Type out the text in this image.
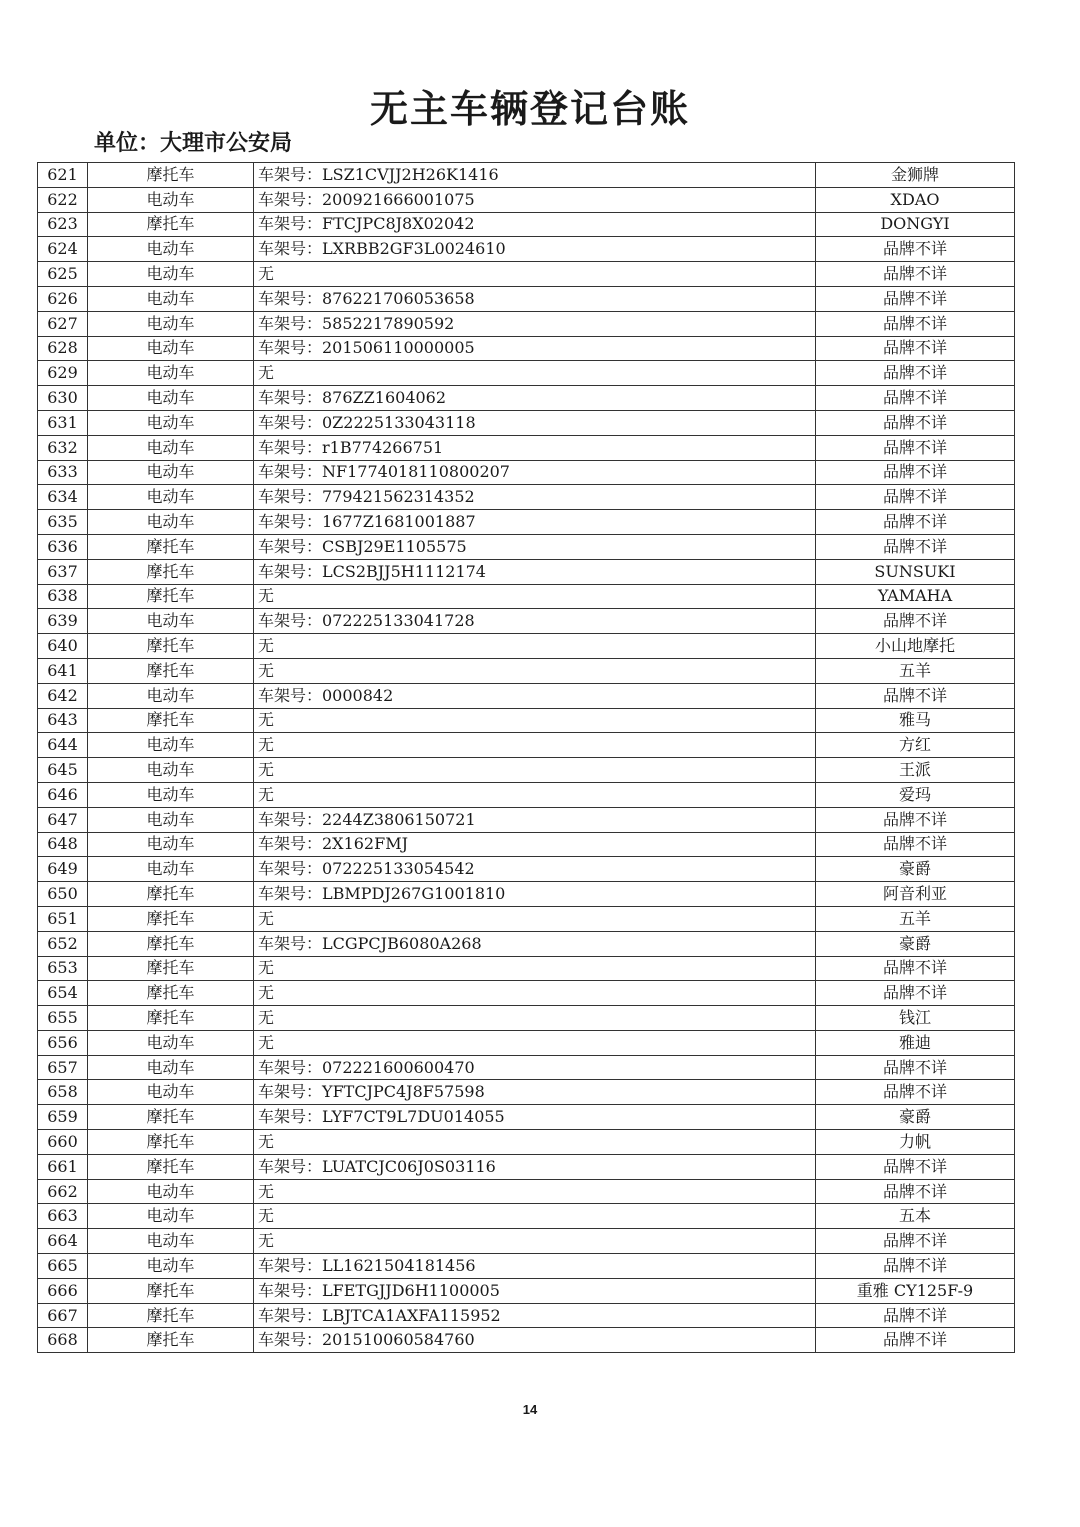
无主车辆登记台账
单位：大理市公安局
621	摩托车	车架号：LSZ1CVJJ2H26K1416	金狮牌
622	电动车	车架号：200921666001075	XDAO
623	摩托车	车架号：FTCJPC8J8X02042	DONGYI
624	电动车	车架号：LXRBB2GF3L0024610	品牌不详
625	电动车	无	品牌不详
626	电动车	车架号：876221706053658	品牌不详
627	电动车	车架号：5852217890592	品牌不详
628	电动车	车架号：201506110000005	品牌不详
629	电动车	无	品牌不详
630	电动车	车架号：876ZZ1604062	品牌不详
631	电动车	车架号：0Z2225133043118	品牌不详
632	电动车	车架号：r1B774266751	品牌不详
633	电动车	车架号：NF1774018110800207	品牌不详
634	电动车	车架号：779421562314352	品牌不详
635	电动车	车架号：1677Z1681001887	品牌不详
636	摩托车	车架号：CSBJ29E1105575	品牌不详
637	摩托车	车架号：LCS2BJJ5H1112174	SUNSUKI
638	摩托车	无	YAMAHA
639	电动车	车架号：072225133041728	品牌不详
640	摩托车	无	小山地摩托
641	摩托车	无	五羊
642	电动车	车架号：0000842	品牌不详
643	摩托车	无	雅马
644	电动车	无	方红
645	电动车	无	王派
646	电动车	无	爱玛
647	电动车	车架号：2244Z3806150721	品牌不详
648	电动车	车架号：2X162FMJ	品牌不详
649	电动车	车架号：072225133054542	豪爵
650	摩托车	车架号：LBMPDJ267G1001810	阿音利亚
651	摩托车	无	五羊
652	摩托车	车架号：LCGPCJB6080A268	豪爵
653	摩托车	无	品牌不详
654	摩托车	无	品牌不详
655	摩托车	无	钱江
656	电动车	无	雅迪
657	电动车	车架号：072221600600470	品牌不详
658	电动车	车架号：YFTCJPC4J8F57598	品牌不详
659	摩托车	车架号：LYF7CT9L7DU014055	豪爵
660	摩托车	无	力帆
661	摩托车	车架号：LUATCJC06J0S03116	品牌不详
662	电动车	无	品牌不详
663	电动车	无	五本
664	电动车	无	品牌不详
665	电动车	车架号：LL1621504181456	品牌不详
666	摩托车	车架号：LFETGJJD6H1100005	重雅 CY125F-9
667	摩托车	车架号：LBJTCA1AXFA115952	品牌不详
668	摩托车	车架号：201510060584760	品牌不详
14
